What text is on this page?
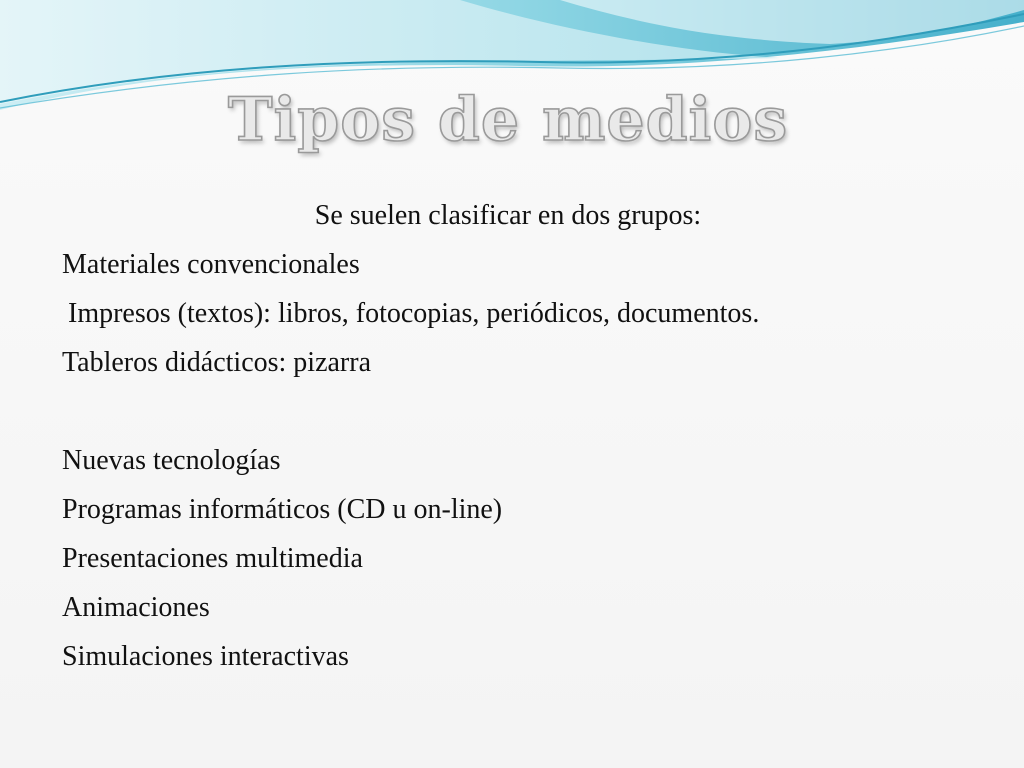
Tipos de medios
Se suelen clasificar en dos grupos:
Materiales convencionales
Impresos (textos): libros, fotocopias, periódicos, documentos.
Tableros didácticos: pizarra
Nuevas tecnologías
Programas informáticos (CD u on-line)
Presentaciones multimedia
Animaciones
Simulaciones interactivas
